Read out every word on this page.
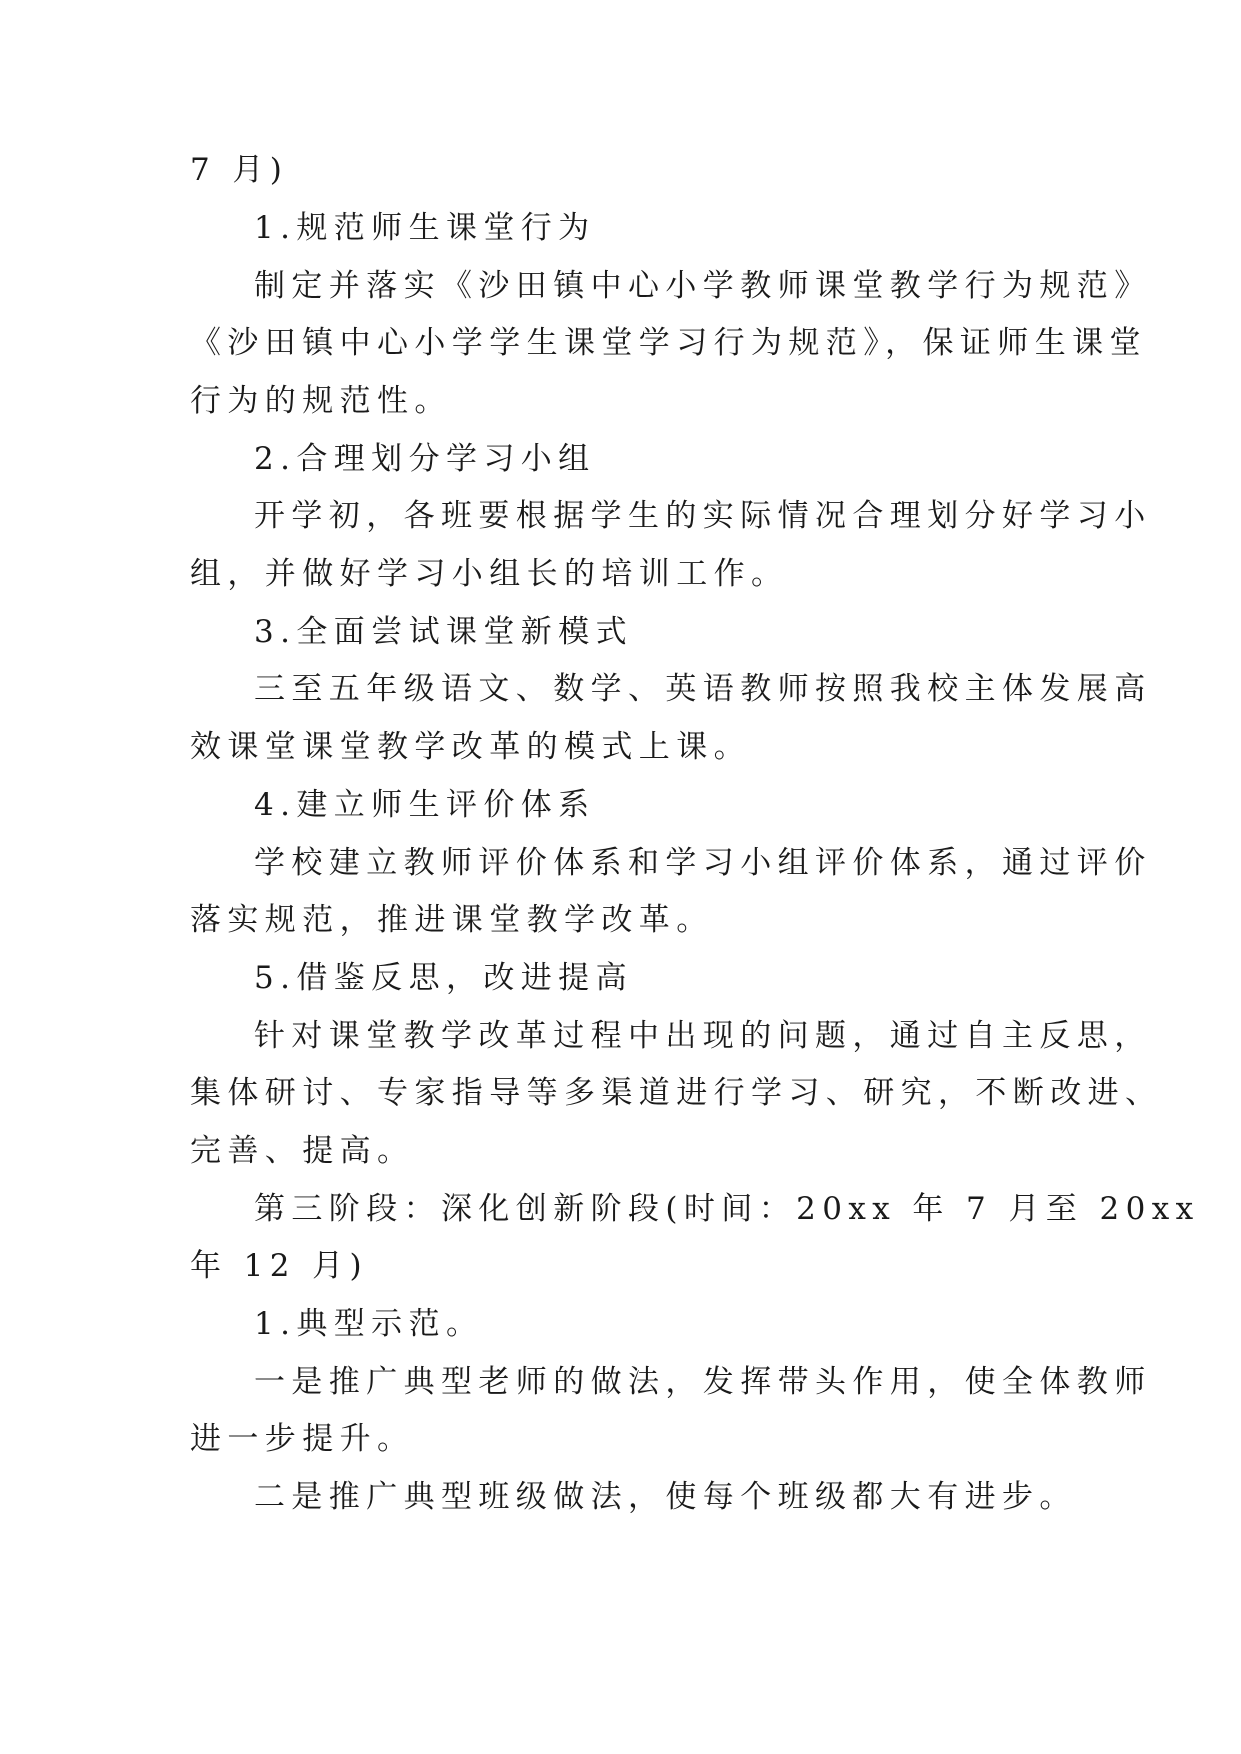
7 月)
1.规范师生课堂行为
制定并落实《沙田镇中心小学教师课堂教学行为规范》
《沙田镇中心小学学生课堂学习行为规范》，保证师生课堂
行为的规范性。
2.合理划分学习小组
开学初，各班要根据学生的实际情况合理划分好学习小
组，并做好学习小组长的培训工作。
3.全面尝试课堂新模式
三至五年级语文、数学、英语教师按照我校主体发展高
效课堂课堂教学改革的模式上课。
4.建立师生评价体系
学校建立教师评价体系和学习小组评价体系，通过评价
落实规范，推进课堂教学改革。
5.借鉴反思，改进提高
针对课堂教学改革过程中出现的问题，通过自主反思，
集体研讨、专家指导等多渠道进行学习、研究，不断改进、
完善、提高。
第三阶段：深化创新阶段(时间：20xx 年 7 月至 20xx
年 12 月)
1.典型示范。
一是推广典型老师的做法，发挥带头作用，使全体教师
进一步提升。
二是推广典型班级做法，使每个班级都大有进步。
